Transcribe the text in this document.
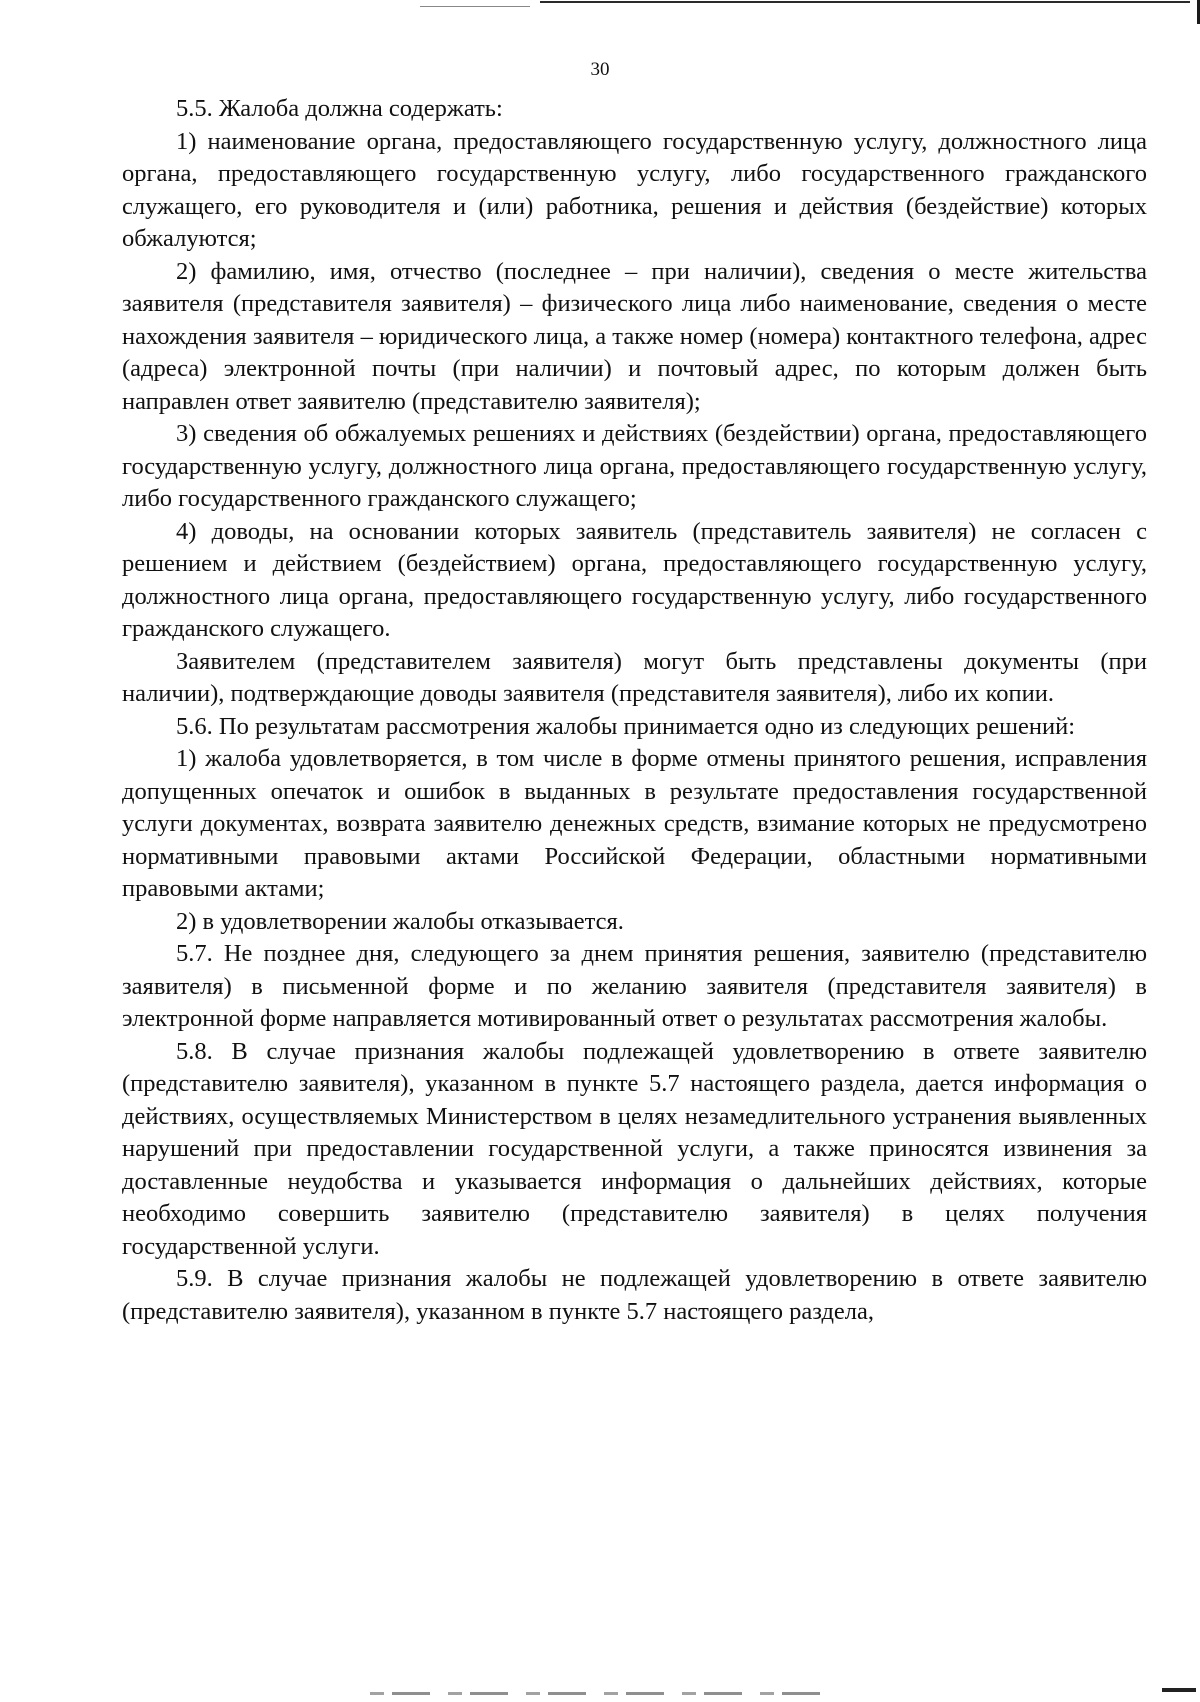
30

5.5. Жалоба должна содержать:

1) наименование органа, предоставляющего государственную услугу, должностного лица органа, предоставляющего государственную услугу, либо государственного гражданского служащего, его руководителя и (или) работника, решения и действия (бездействие) которых обжалуются;

2) фамилию, имя, отчество (последнее – при наличии), сведения о месте жительства заявителя (представителя заявителя) – физического лица либо наименование, сведения о месте нахождения заявителя – юридического лица, а также номер (номера) контактного телефона, адрес (адреса) электронной почты (при наличии) и почтовый адрес, по которым должен быть направлен ответ заявителю (представителю заявителя);

3) сведения об обжалуемых решениях и действиях (бездействии) органа, предоставляющего государственную услугу, должностного лица органа, предоставляющего государственную услугу, либо государственного гражданского служащего;

4) доводы, на основании которых заявитель (представитель заявителя) не согласен с решением и действием (бездействием) органа, предоставляющего государственную услугу, должностного лица органа, предоставляющего государственную услугу, либо государственного гражданского служащего.

Заявителем (представителем заявителя) могут быть представлены документы (при наличии), подтверждающие доводы заявителя (представителя заявителя), либо их копии.

5.6. По результатам рассмотрения жалобы принимается одно из следующих решений:

1) жалоба удовлетворяется, в том числе в форме отмены принятого решения, исправления допущенных опечаток и ошибок в выданных в результате предоставления государственной услуги документах, возврата заявителю денежных средств, взимание которых не предусмотрено нормативными правовыми актами Российской Федерации, областными нормативными правовыми актами;

2) в удовлетворении жалобы отказывается.

5.7. Не позднее дня, следующего за днем принятия решения, заявителю (представителю заявителя) в письменной форме и по желанию заявителя (представителя заявителя) в электронной форме направляется мотивированный ответ о результатах рассмотрения жалобы.

5.8. В случае признания жалобы подлежащей удовлетворению в ответе заявителю (представителю заявителя), указанном в пункте 5.7 настоящего раздела, дается информация о действиях, осуществляемых Министерством в целях незамедлительного устранения выявленных нарушений при предоставлении государственной услуги, а также приносятся извинения за доставленные неудобства и указывается информация о дальнейших действиях, которые необходимо совершить заявителю (представителю заявителя) в целях получения государственной услуги.

5.9. В случае признания жалобы не подлежащей удовлетворению в ответе заявителю (представителю заявителя), указанном в пункте 5.7 настоящего раздела,
